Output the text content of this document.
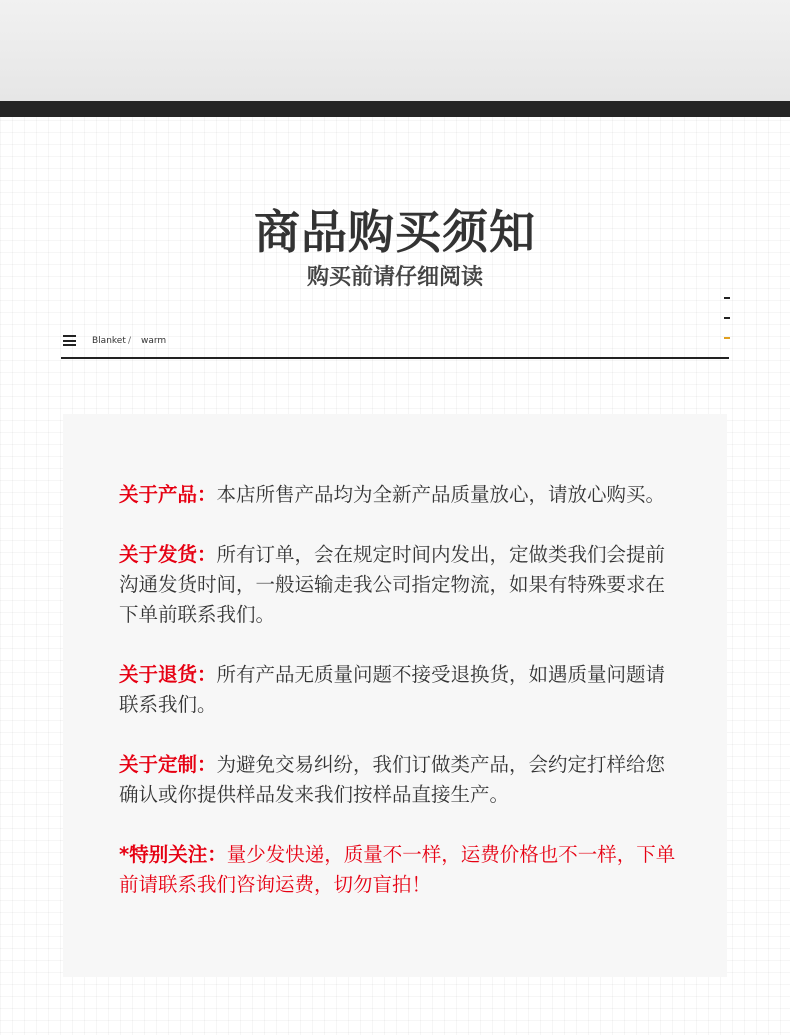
商品购买须知
购买前请仔细阅读
Blanket / warm

关于产品：本店所售产品均为全新产品质量放心，请放心购买。

关于发货：所有订单，会在规定时间内发出，定做类我们会提前沟通发货时间，一般运输走我公司指定物流，如果有特殊要求在下单前联系我们。

关于退货：所有产品无质量问题不接受退换货，如遇质量问题请联系我们。

关于定制：为避免交易纠纷，我们订做类产品，会约定打样给您确认或你提供样品发来我们按样品直接生产。

*特别关注：量少发快递，质量不一样，运费价格也不一样，下单前请联系我们咨询运费，切勿盲拍！
